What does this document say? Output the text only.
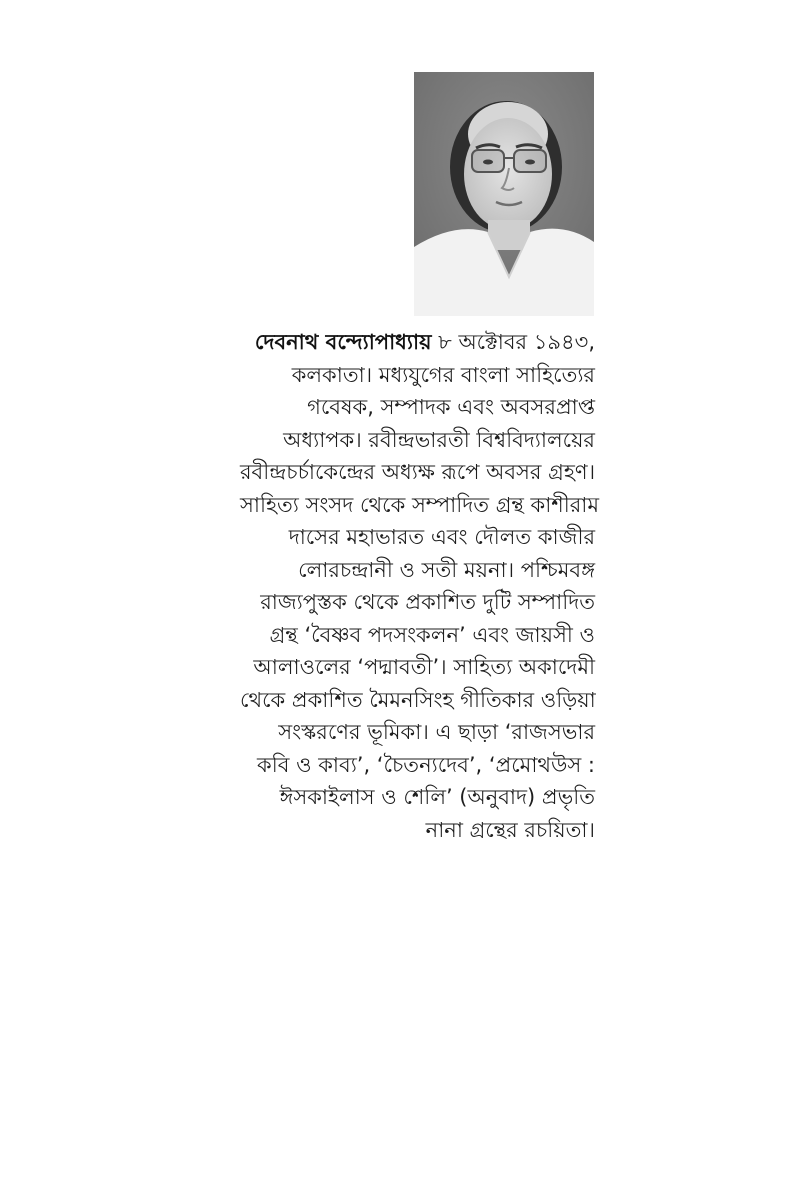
দেবনাথ বন্দ্যোপাধ্যায় ৮ অক্টোবর ১৯৪৩,
কলকাতা। মধ্যযুগের বাংলা সাহিত্যের
গবেষক, সম্পাদক এবং অবসরপ্রাপ্ত
অধ্যাপক। রবীন্দ্রভারতী বিশ্ববিদ্যালয়ের
রবীন্দ্রচর্চাকেন্দ্রের অধ্যক্ষ রূপে অবসর গ্রহণ।
সাহিত্য সংসদ থেকে সম্পাদিত গ্রন্থ কাশীরাম
দাসের মহাভারত এবং দৌলত কাজীর
লোরচন্দ্রানী ও সতী ময়না। পশ্চিমবঙ্গ
রাজ্যপুস্তক থেকে প্রকাশিত দুটি সম্পাদিত
গ্রন্থ ‘বৈষ্ণব পদসংকলন’ এবং জায়সী ও
আলাওলের ‘পদ্মাবতী’। সাহিত্য অকাদেমী
থেকে প্রকাশিত মৈমনসিংহ গীতিকার ওড়িয়া
সংস্করণের ভূমিকা। এ ছাড়া ‘রাজসভার
কবি ও কাব্য’, ‘চৈতন্যদেব’, ‘প্রমোথউস :
ঈসকাইলাস ও শেলি’ (অনুবাদ) প্রভৃতি
নানা গ্রন্থের রচয়িতা।
